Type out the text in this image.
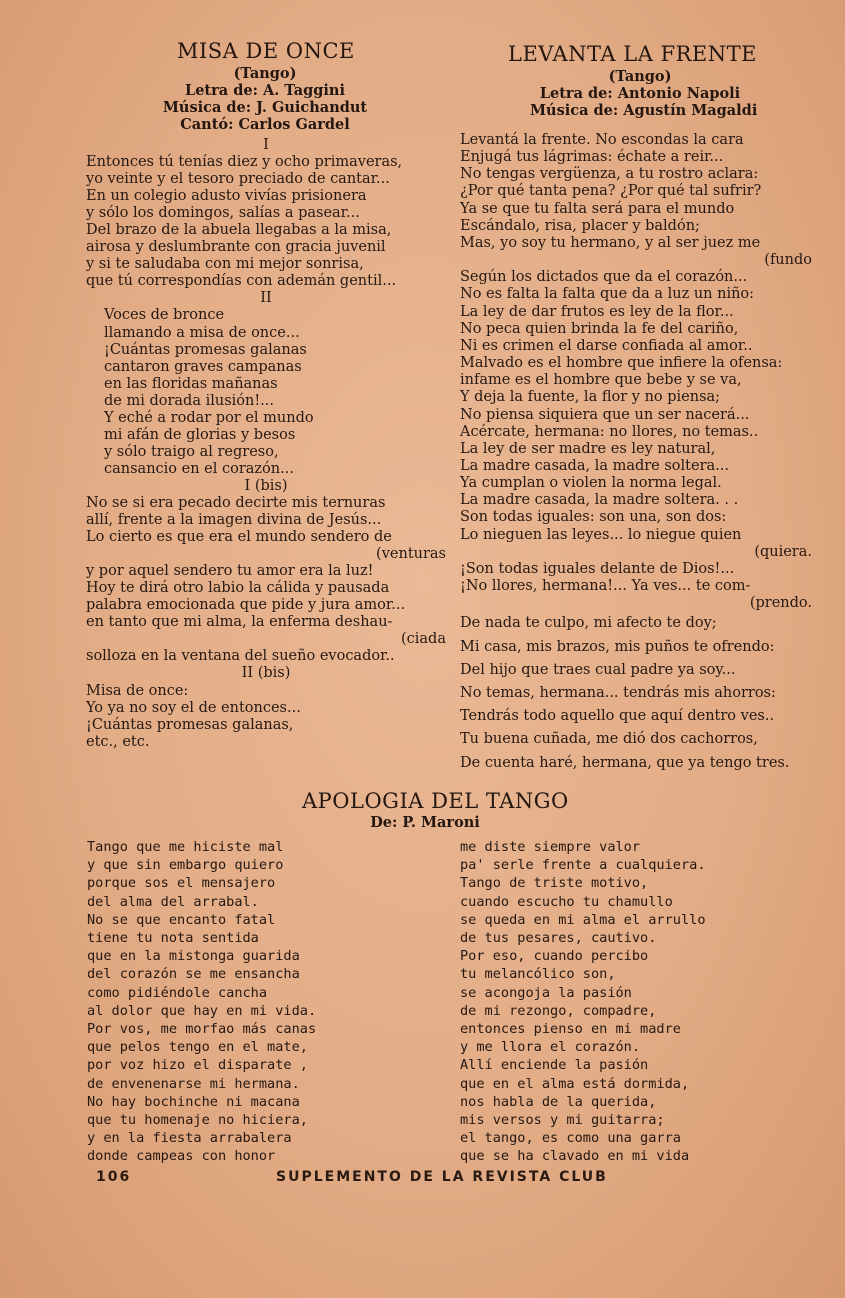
MISA DE ONCE
(Tango)
Letra de: A. Taggini
Música de: J. Guichandut
Cantó: Carlos Gardel
I
Entonces tú tenías diez y ocho primaveras,
yo veinte y el tesoro preciado de cantar...
En un colegio adusto vivías prisionera
y sólo los domingos, salías a pasear...
Del brazo de la abuela llegabas a la misa,
airosa y deslumbrante con gracia juvenil
y si te saludaba con mi mejor sonrisa,
que tú correspondías con ademán gentil...
II
Voces de bronce
llamando a misa de once...
¡Cuántas promesas galanas
cantaron graves campanas
en las floridas mañanas
de mi dorada ilusión!...
Y eché a rodar por el mundo
mi afán de glorias y besos
y sólo traigo al regreso,
cansancio en el corazón...
I (bis)
No se si era pecado decirte mis ternuras
allí, frente a la imagen divina de Jesús...
Lo cierto es que era el mundo sendero de
(venturas
y por aquel sendero tu amor era la luz!
Hoy te dirá otro labio la cálida y pausada
palabra emocionada que pide y jura amor...
en tanto que mi alma, la enferma deshau-
(ciada
solloza en la ventana del sueño evocador..
II (bis)
Misa de once:
Yo ya no soy el de entonces...
¡Cuántas promesas galanas,
etc., etc.
LEVANTA LA FRENTE
(Tango)
Letra de: Antonio Napoli
Música de: Agustín Magaldi
Levantá la frente. No escondas la cara
Enjugá tus lágrimas: échate a reir...
No tengas vergüenza, a tu rostro aclara:
¿Por qué tanta pena? ¿Por qué tal sufrir?
Ya se que tu falta será para el mundo
Escándalo, risa, placer y baldón;
Mas, yo soy tu hermano, y al ser juez me
(fundo
Según los dictados que da el corazón...
No es falta la falta que da a luz un niño:
La ley de dar frutos es ley de la flor...
No peca quien brinda la fe del cariño,
Ni es crimen el darse confiada al amor..
Malvado es el hombre que infiere la ofensa:
infame es el hombre que bebe y se va,
Y deja la fuente, la flor y no piensa;
No piensa siquiera que un ser nacerá...
Acércate, hermana: no llores, no temas..
La ley de ser madre es ley natural,
La madre casada, la madre soltera...
Ya cumplan o violen la norma legal.
La madre casada, la madre soltera. . .
Son todas iguales: son una, son dos:
Lo nieguen las leyes... lo niegue quien
(quiera.
¡Son todas iguales delante de Dios!...
¡No llores, hermana!... Ya ves... te com-
(prendo.
De nada te culpo, mi afecto te doy;
Mi casa, mis brazos, mis puños te ofrendo:
Del hijo que traes cual padre ya soy...
No temas, hermana... tendrás mis ahorros:
Tendrás todo aquello que aquí dentro ves..
Tu buena cuñada, me dió dos cachorros,
De cuenta haré, hermana, que ya tengo tres.
APOLOGIA DEL TANGO
De: P. Maroni
Tango que me hiciste mal
y que sin embargo quiero
porque sos el mensajero
del alma del arrabal.
No se que encanto fatal
tiene tu nota sentida
que en la mistonga guarida
del corazón se me ensancha
como pidiéndole cancha
al dolor que hay en mi vida.
Por vos, me morfao más canas
que pelos tengo en el mate,
por voz hizo el disparate ,
de envenenarse mi hermana.
No hay bochinche ni macana
que tu homenaje no hiciera,
y en la fiesta arrabalera
donde campeas con honor
me diste siempre valor
pa' serle frente a cualquiera.
Tango de triste motivo,
cuando escucho tu chamullo
se queda en mi alma el arrullo
de tus pesares, cautivo.
Por eso, cuando percibo
tu melancólico son,
se acongoja la pasión
de mi rezongo, compadre,
entonces pienso en mi madre
y me llora el corazón.
Allí enciende la pasión
que en el alma está dormida,
nos habla de la querida,
mis versos y mi guitarra;
el tango, es como una garra
que se ha clavado en mi vida
106	SUPLEMENTO DE LA REVISTA CLUB
